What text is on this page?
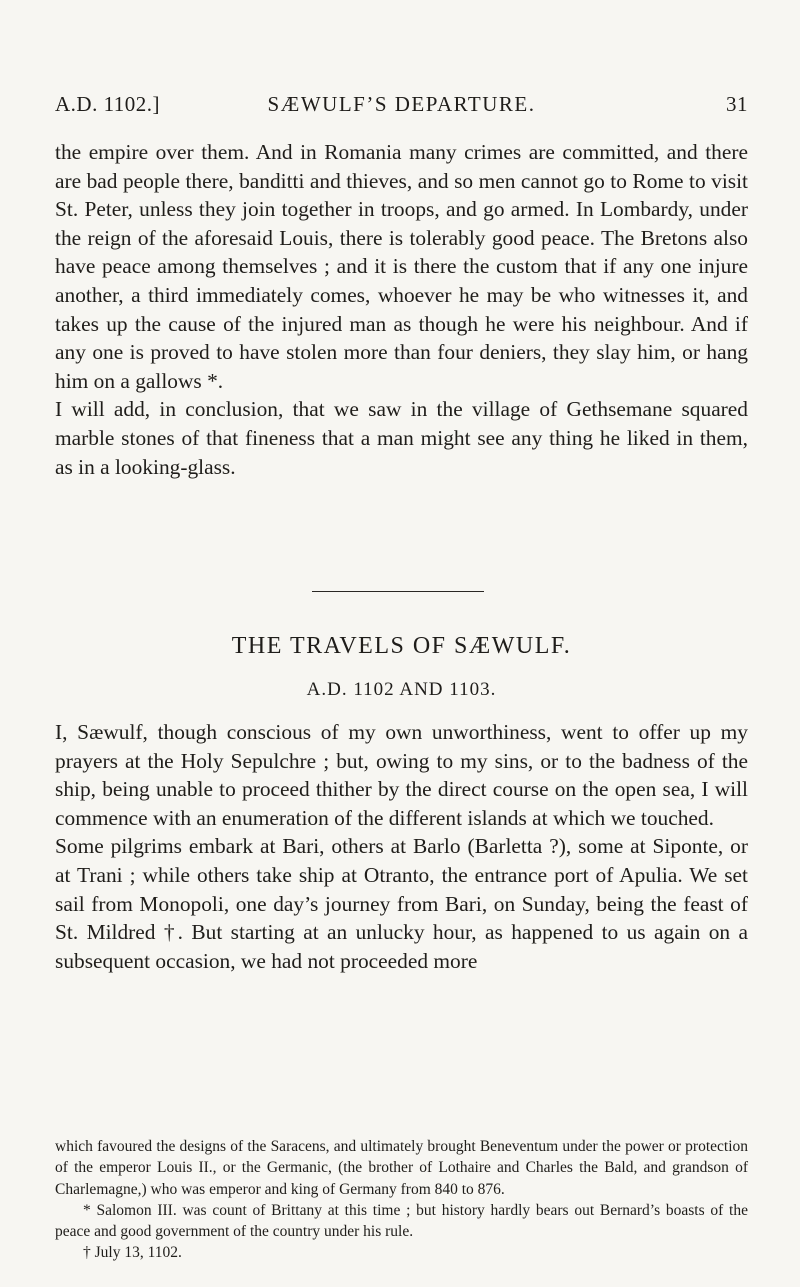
A.D. 1102.]	SÆWULF’S DEPARTURE.	31

the empire over them. And in Romania many crimes are committed, and there are bad people there, banditti and thieves, and so men cannot go to Rome to visit St. Peter, unless they join together in troops, and go armed. In Lombardy, under the reign of the aforesaid Louis, there is tolerably good peace. The Bretons also have peace among themselves ; and it is there the custom that if any one injure another, a third immediately comes, whoever he may be who witnesses it, and takes up the cause of the injured man as though he were his neighbour. And if any one is proved to have stolen more than four deniers, they slay him, or hang him on a gallows *.

I will add, in conclusion, that we saw in the village of Gethsemane squared marble stones of that fineness that a man might see any thing he liked in them, as in a looking-glass.

THE TRAVELS OF SÆWULF.
A.D. 1102 AND 1103.

I, Sæwulf, though conscious of my own unworthiness, went to offer up my prayers at the Holy Sepulchre ; but, owing to my sins, or to the badness of the ship, being unable to proceed thither by the direct course on the open sea, I will commence with an enumeration of the different islands at which we touched.

Some pilgrims embark at Bari, others at Barlo (Barletta ?), some at Siponte, or at Trani ; while others take ship at Otranto, the entrance port of Apulia. We set sail from Monopoli, one day’s journey from Bari, on Sunday, being the feast of St. Mildred †. But starting at an unlucky hour, as happened to us again on a subsequent occasion, we had not proceeded more

which favoured the designs of the Saracens, and ultimately brought Beneventum under the power or protection of the emperor Louis II., or the Germanic, (the brother of Lothaire and Charles the Bald, and grandson of Charlemagne,) who was emperor and king of Germany from 840 to 876.

* Salomon III. was count of Brittany at this time ; but history hardly bears out Bernard’s boasts of the peace and good government of the country under his rule.

† July 13, 1102.
